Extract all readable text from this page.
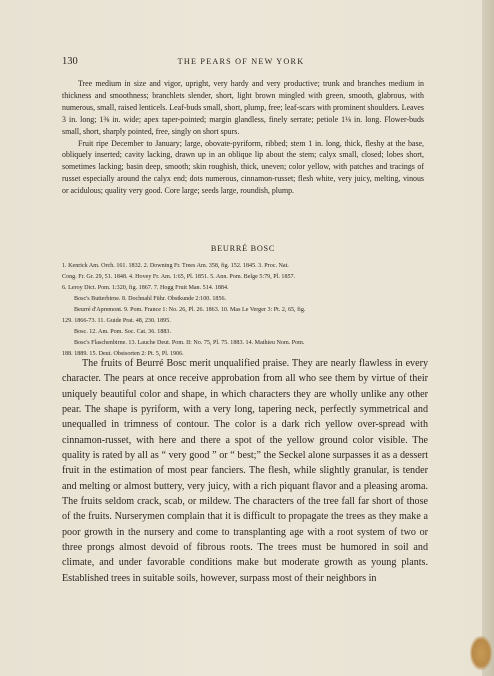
130	THE PEARS OF NEW YORK

Tree medium in size and vigor, upright, very hardy and very productive; trunk and branches medium in thickness and smoothness; branchlets slender, short, light brown mingled with green, smooth, glabrous, with numerous, small, raised lenticels. Leaf-buds small, short, plump, free; leaf-scars with prominent shoulders. Leaves 3 in. long; 1⅜ in. wide; apex taper-pointed; margin glandless, finely serrate; petiole 1⅛ in. long. Flower-buds small, short, sharply pointed, free, singly on short spurs.

Fruit ripe December to January; large, obovate-pyriform, ribbed; stem 1 in. long, thick, fleshy at the base, obliquely inserted; cavity lacking, drawn up in an oblique lip about the stem; calyx small, closed; lobes short, sometimes lacking; basin deep, smooth; skin roughish, thick, uneven; color yellow, with patches and tracings of russet especially around the calyx end; dots numerous, cinnamon-russet; flesh white, very juicy, melting, vinous or acidulous; quality very good. Core large; seeds large, roundish, plump.

BEURRÉ BOSC
1. Kenrick Am. Orch. 161. 1832. 2. Downing Fr. Trees Am. 358, fig. 152. 1845. 3. Proc. Nat.
Cong. Fr. Gr. 29, 51. 1848. 4. Hovey Fr. Am. 1:65, Pl. 1851. 5. Ann. Pom. Belge 5:79, Pl. 1857.
6. Leroy Dict. Pom. 1:320, fig. 1867. 7. Hogg Fruit Man. 514. 1884.
Bosc's Butterbirne. 8. Dochnahl Führ. Obstkunde 2:100. 1856.
Beurré d'Apremont. 9. Pom. France 1: No. 26, Pl. 26. 1863. 10. Mas Le Verger 3: Pt. 2, 65, fig.
129. 1866-73. 11. Guide Prat. 48, 230. 1895.
Bosc. 12. Am. Pom. Soc. Cat. 36. 1883.
Bosc's Flaschenbirne. 13. Lauche Deut. Pom. II: No. 75, Pl. 75. 1883. 14. Mathieu Nom. Pom.
188. 1889. 15. Deut. Obstsorten 2: Pt. 5, Pl. 1906.

The fruits of Beurré Bosc merit unqualified praise. They are nearly flawless in every character. The pears at once receive approbation from all who see them by virtue of their uniquely beautiful color and shape, in which characters they are wholly unlike any other pear. The shape is pyriform, with a very long, tapering neck, perfectly symmetrical and unequalled in trimness of contour. The color is a dark rich yellow over-spread with cinnamon-russet, with here and there a spot of the yellow ground color visible. The quality is rated by all as “ very good ” or “ best;” the Seckel alone surpasses it as a dessert fruit in the estimation of most pear fanciers. The flesh, while slightly granular, is tender and melting or almost buttery, very juicy, with a rich piquant flavor and a pleasing aroma. The fruits seldom crack, scab, or mildew. The characters of the tree fall far short of those of the fruits. Nurserymen complain that it is difficult to propagate the trees as they make a poor growth in the nursery and come to transplanting age with a root system of two or three prongs almost devoid of fibrous roots. The trees must be humored in soil and climate, and under favorable conditions make but moderate growth as young plants. Established trees in suitable soils, however, surpass most of their neighbors in
